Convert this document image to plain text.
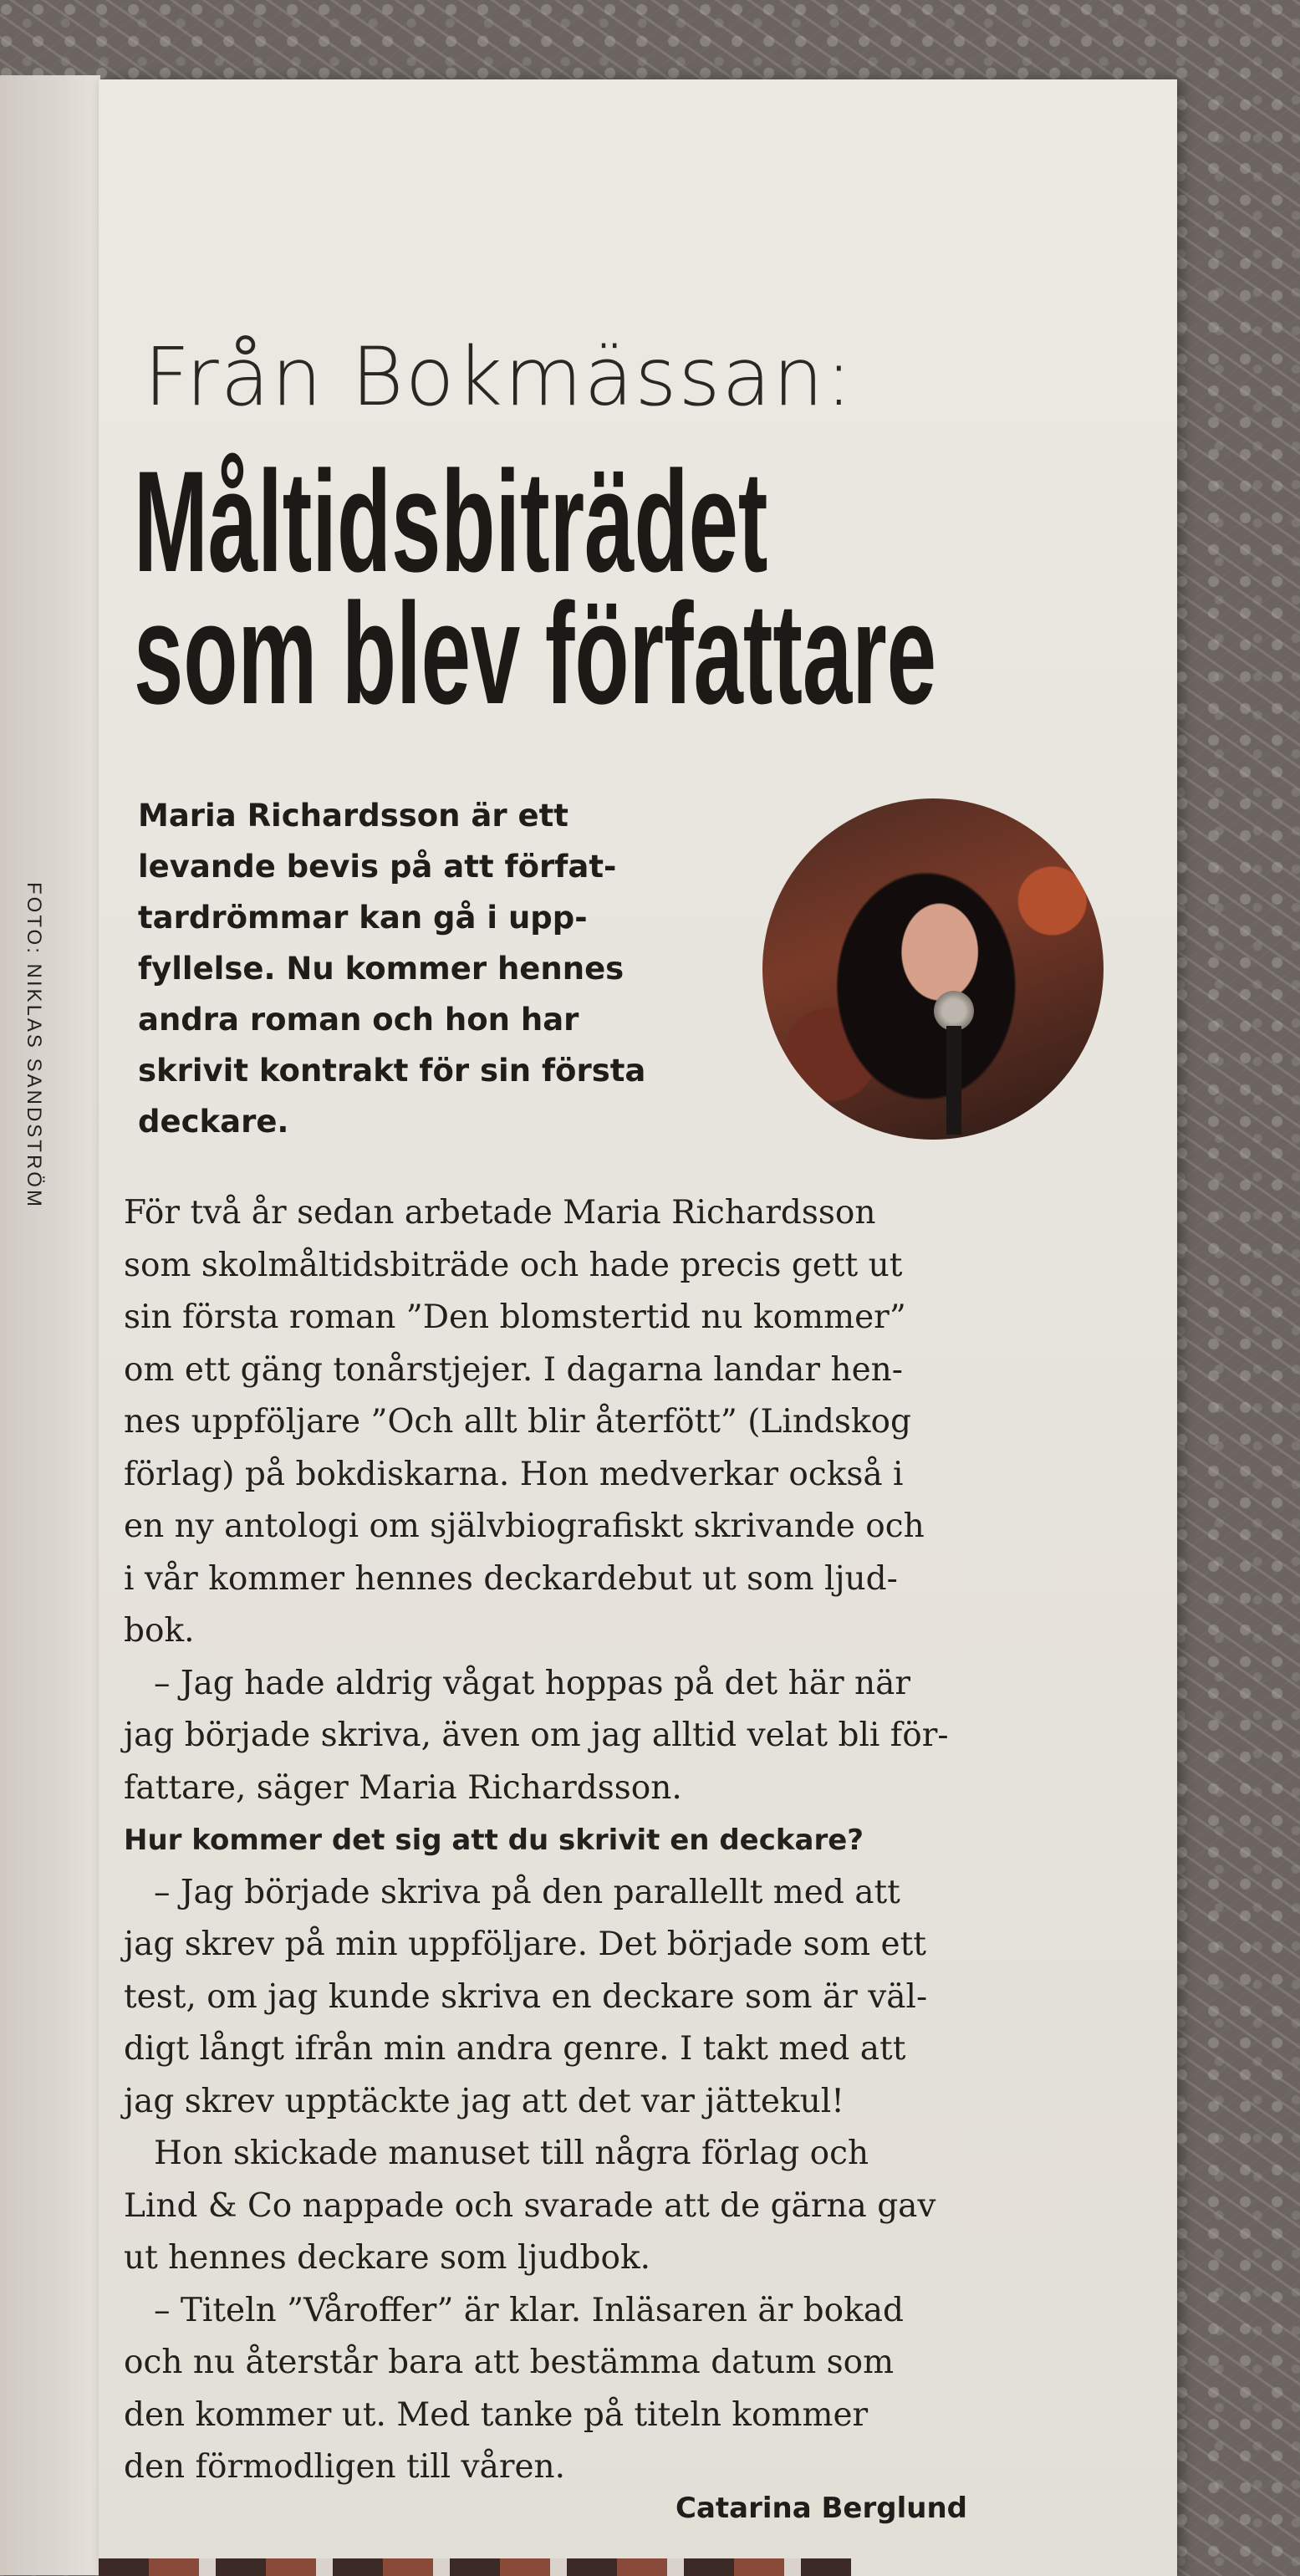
FOTO: NIKLAS SANDSTRÖM
Från Bokmässan:
Måltidsbiträdet
som blev författare
Maria Richardsson är ett
levande bevis på att förfat-
tardrömmar kan gå i upp-
fyllelse. Nu kommer hennes
andra roman och hon har
skrivit kontrakt för sin första
deckare.
För två år sedan arbetade Maria Richardsson
som skolmåltidsbiträde och hade precis gett ut
sin första roman ”Den blomstertid nu kommer”
om ett gäng tonårstjejer. I dagarna landar hen-
nes uppföljare ”Och allt blir återfött” (Lindskog
förlag) på bokdiskarna. Hon medverkar också i
en ny antologi om självbiografiskt skrivande och
i vår kommer hennes deckardebut ut som ljud-
bok.
– Jag hade aldrig vågat hoppas på det här när
jag började skriva, även om jag alltid velat bli för-
fattare, säger Maria Richardsson.
Hur kommer det sig att du skrivit en deckare?
– Jag började skriva på den parallellt med att
jag skrev på min uppföljare. Det började som ett
test, om jag kunde skriva en deckare som är väl-
digt långt ifrån min andra genre. I takt med att
jag skrev upptäckte jag att det var jättekul!
Hon skickade manuset till några förlag och
Lind & Co nappade och svarade att de gärna gav
ut hennes deckare som ljudbok.
– Titeln ”Våroffer” är klar. Inläsaren är bokad
och nu återstår bara att bestämma datum som
den kommer ut. Med tanke på titeln kommer
den förmodligen till våren.
Catarina Berglund
